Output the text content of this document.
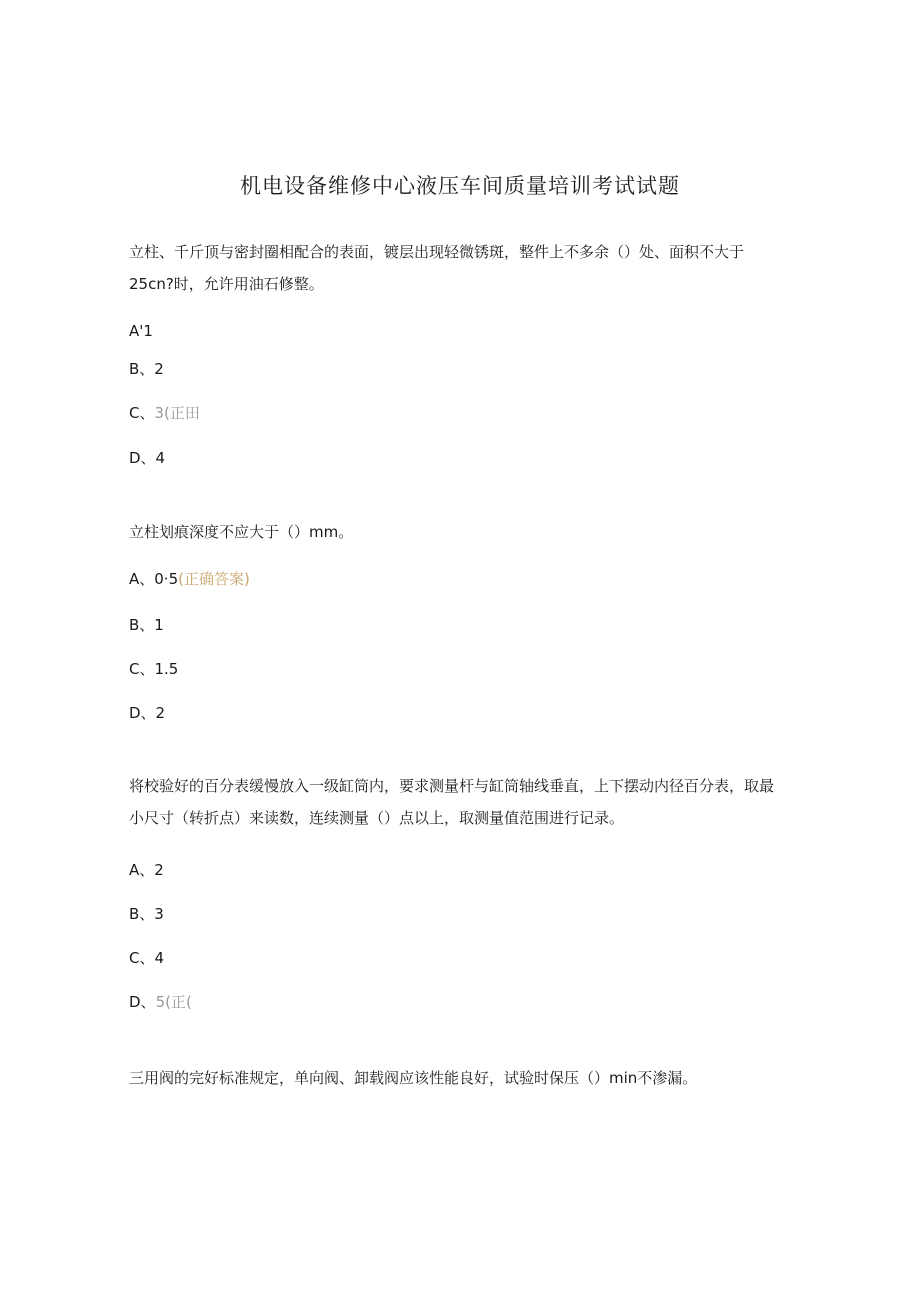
机电设备维修中心液压车间质量培训考试试题
立柱、千斤顶与密封圈相配合的表面，镀层出现轻微锈斑，整件上不多余（）处、面积不大于25cn?时，允许用油石修整。
A'1
B、2
C、3(正田
D、4
立柱划痕深度不应大于（）mm。
A、0·5(正确答案)
B、1
C、1.5
D、2
将校验好的百分表缓慢放入一级缸筒内，要求测量杆与缸筒轴线垂直，上下摆动内径百分表，取最小尺寸（转折点）来读数，连续测量（）点以上，取测量值范围进行记录。
A、2
B、3
C、4
D、5(正(
三用阀的完好标准规定，单向阀、卸载阀应该性能良好，试验时保压（）min不渗漏。
